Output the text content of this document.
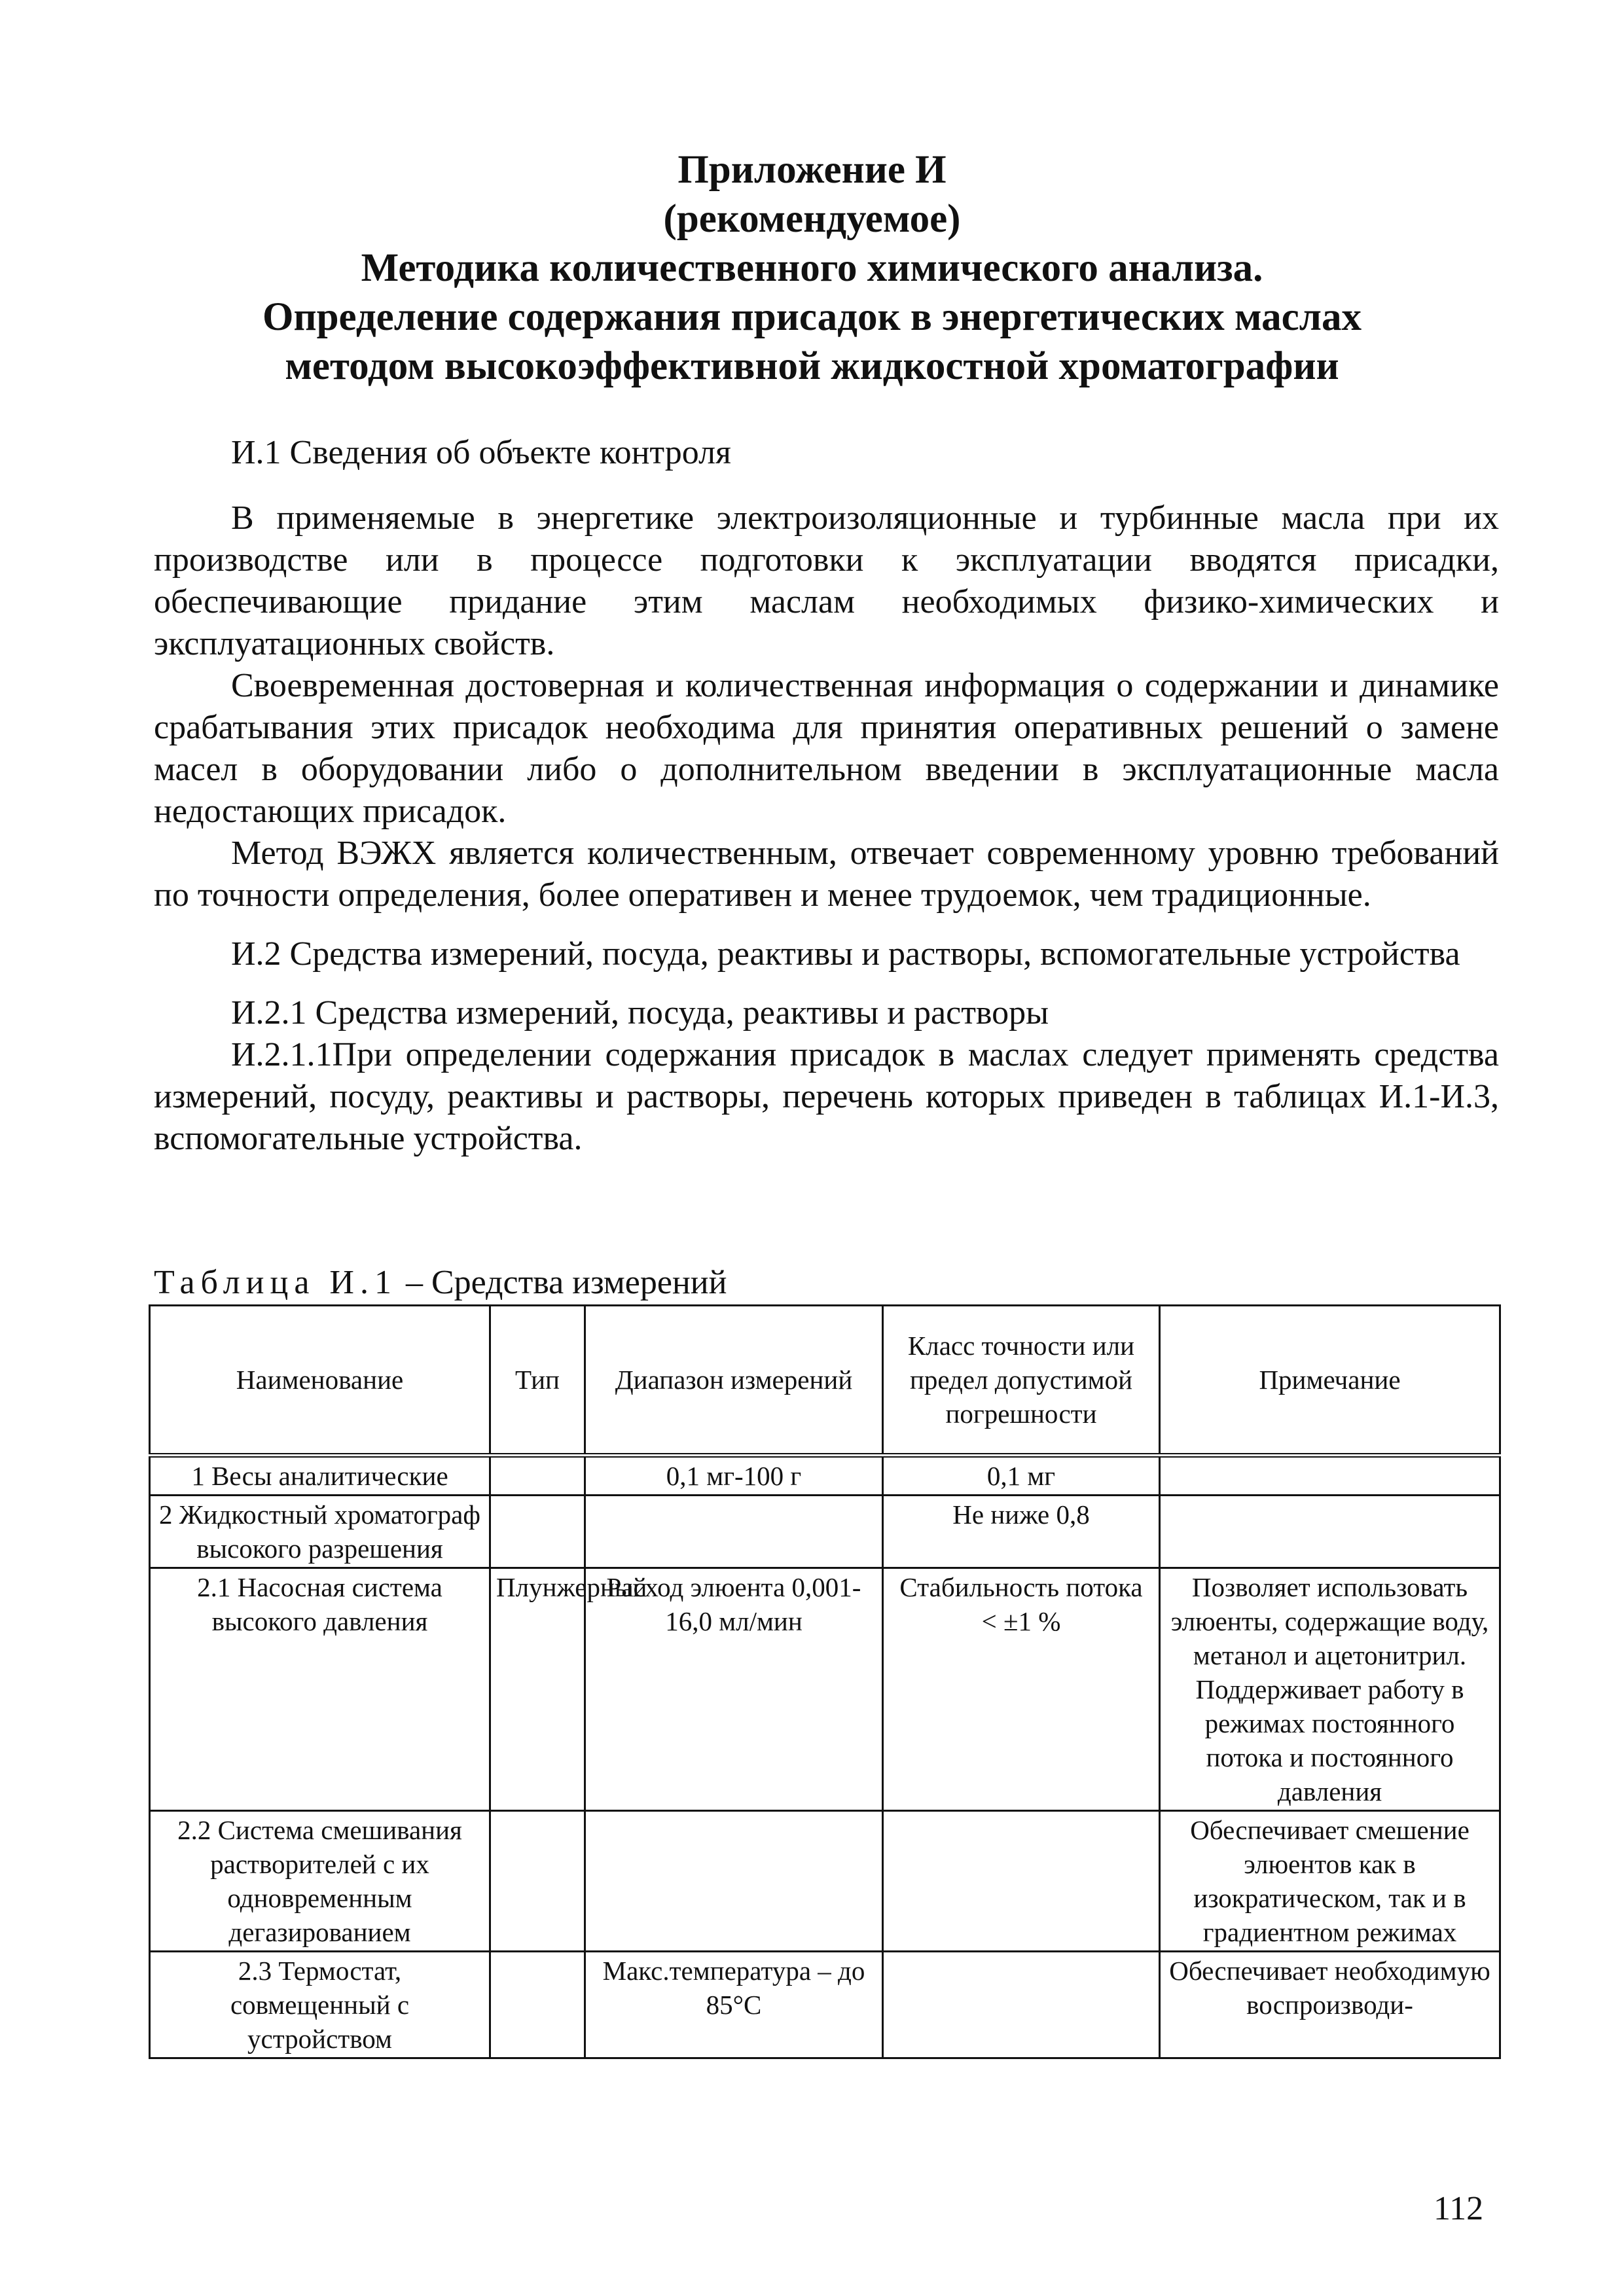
Приложение И
(рекомендуемое)
Методика количественного химического анализа.
Определение содержания присадок в энергетических маслах
методом высокоэффективной жидкостной хроматографии

И.1 Сведения об объекте контроля

В применяемые в энергетике электроизоляционные и турбинные масла при их производстве или в процессе подготовки к эксплуатации вводятся присадки, обеспечивающие придание этим маслам необходимых физико-химических и эксплуатационных свойств.

Своевременная достоверная и количественная информация о содержании и динамике срабатывания этих присадок необходима для принятия оперативных решений о замене масел в оборудовании либо о дополнительном введении в эксплуатационные масла недостающих присадок.

Метод ВЭЖХ является количественным, отвечает современному уровню требований по точности определения, более оперативен и менее трудоемок, чем традиционные.

И.2 Средства измерений, посуда, реактивы и растворы, вспомогательные устройства

И.2.1 Средства измерений, посуда, реактивы и растворы

И.2.1.1При определении содержания присадок в маслах следует применять средства измерений, посуду, реактивы и растворы, перечень которых приведен в таблицах И.1-И.3, вспомогательные устройства.

Таблица И.1 – Средства измерений
Наименование	Тип	Диапазон измерений	Класс точности или предел допустимой погрешности	Примечание
1 Весы аналитические		0,1 мг-100 г	0,1 мг	
2 Жидкостный хроматограф высокого разрешения			Не ниже 0,8	
2.1 Насосная система высокого давления	Плунжерный	Расход элюента 0,001-16,0 мл/мин	Стабильность потока < ±1 %	Позволяет использовать элюенты, содержащие воду, метанол и ацетонитрил. Поддерживает работу в режимах постоянного потока и постоянного давления
2.2 Система смешивания растворителей с их одновременным дегазированием				Обеспечивает смешение элюентов как в изократическом, так и в градиентном режимах
2.3 Термостат, совмещенный с устройством		Макс.температура – до 85°С		Обеспечивает необходимую воспроизводи-
112
